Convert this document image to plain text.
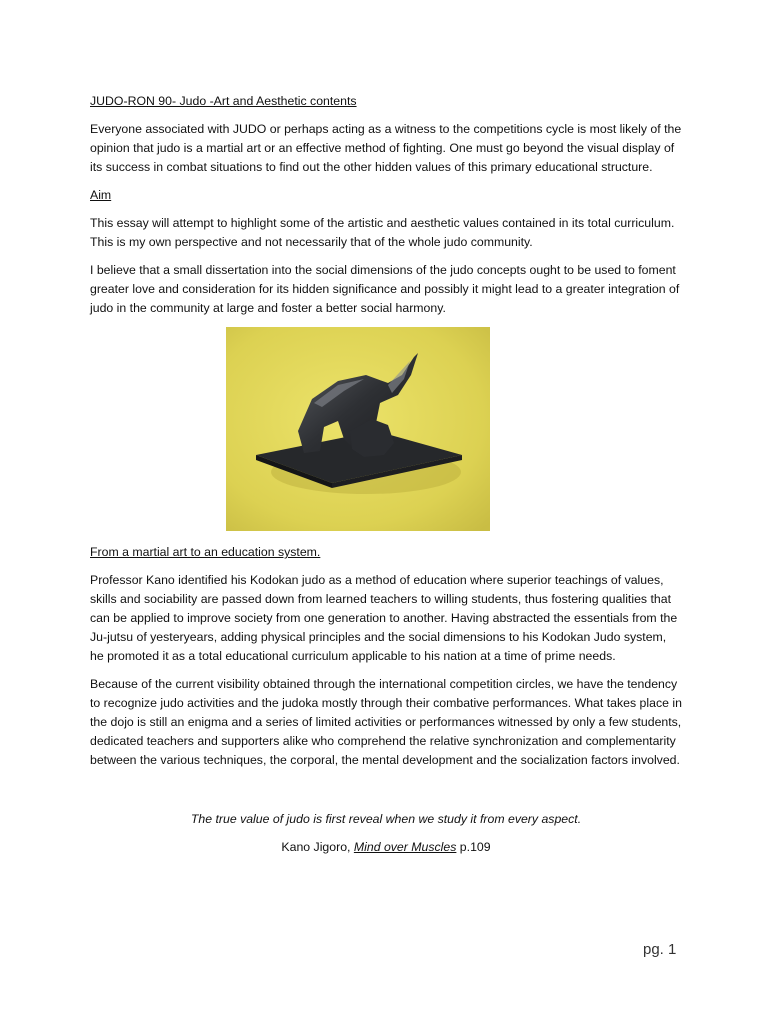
JUDO-RON 90- Judo -Art and Aesthetic contents

Everyone associated with JUDO or perhaps acting as a witness to the competitions cycle is most likely of the opinion that judo is a martial art or an effective method of fighting. One must go beyond the visual display of its success in combat situations to find out the other hidden values of this primary educational structure.

Aim

This essay will attempt to highlight some of the artistic and aesthetic values contained in its total curriculum. This is my own perspective and not necessarily that of the whole judo community.

I believe that a small dissertation into the social dimensions of the judo concepts ought to be used to foment greater love and consideration for its hidden significance and possibly it might lead to a greater integration of judo in the community at large and foster a better social harmony.

From a martial art to an education system.

Professor Kano identified his Kodokan judo as a method of education where superior teachings of values, skills and sociability are passed down from learned teachers to willing students, thus fostering qualities that can be applied to improve society from one generation to another. Having abstracted the essentials from the Ju-jutsu of yesteryears, adding physical principles and the social dimensions to his Kodokan Judo system, he promoted it as a total educational curriculum applicable to his nation at a time of prime needs.

Because of the current visibility obtained through the international competition circles, we have the tendency to recognize judo activities and the judoka mostly through their combative performances. What takes place in the dojo is still an enigma and a series of limited activities or performances witnessed by only a few students, dedicated teachers and supporters alike who comprehend the relative synchronization and complementarity between the various techniques, the corporal, the mental development and the socialization factors involved.

The true value of judo is first reveal when we study it from every aspect.

Kano Jigoro, Mind over Muscles p.109

pg. 1
